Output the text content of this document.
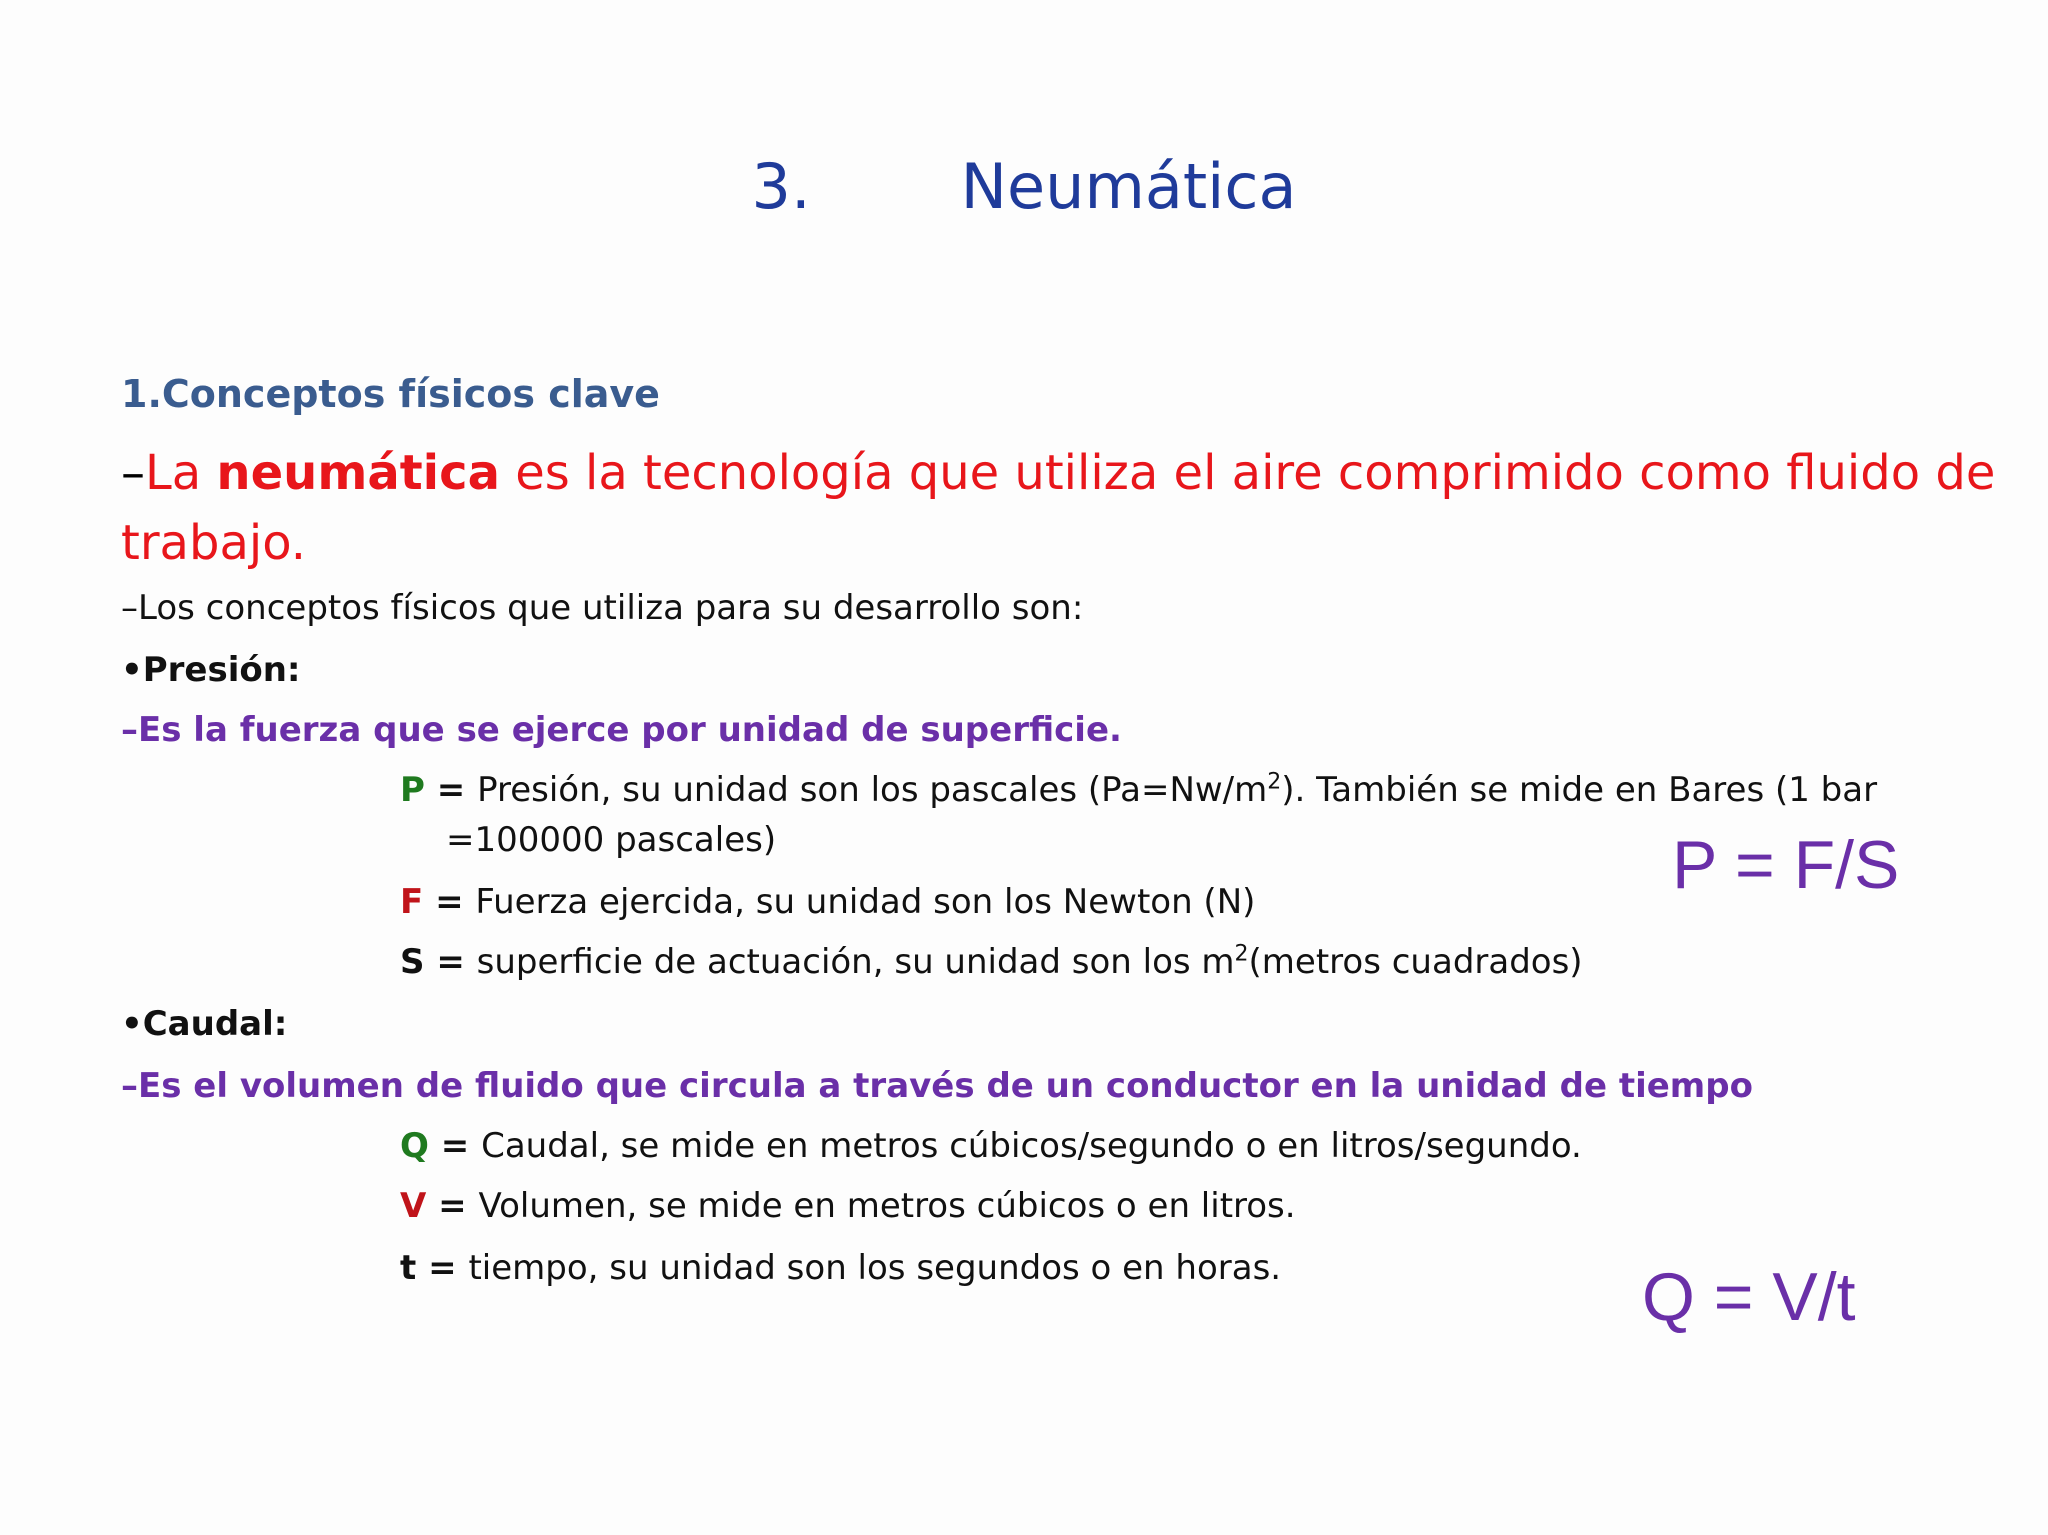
3. Neumática
1.Conceptos físicos clave
–La neumática es la tecnología que utiliza el aire comprimido como fluido de trabajo.
–Los conceptos físicos que utiliza para su desarrollo son:
•Presión:
–Es la fuerza que se ejerce por unidad de superficie.
P = Presión, su unidad son los pascales $(Pa=Nw/m^2)$. También se mide en Bares (1 bar
=100000 pascales)
F = Fuerza ejercida, su unidad son los Newton (N)
S = superficie de actuación, su unidad son los $m^2(metros$ cuadrados)
P = F/S
•Caudal:
–Es el volumen de fluido que circula a través de un conductor en la unidad de tiempo
Q = Caudal, se mide en metros cúbicos/segundo o en litros/segundo.
V = Volumen, se mide en metros cúbicos o en litros.
t = tiempo, su unidad son los segundos o en horas.	Q = V/t
